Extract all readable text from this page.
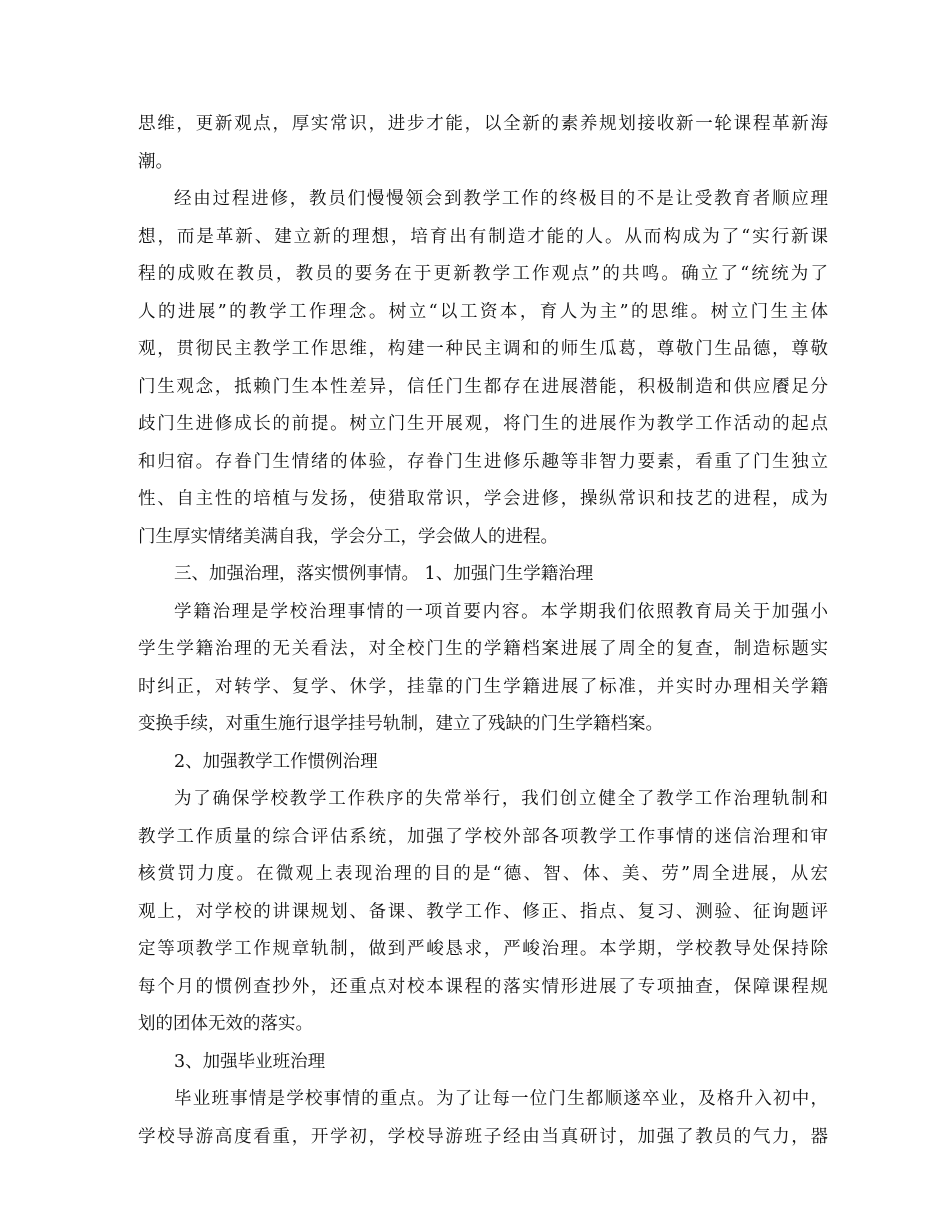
思维，更新观点，厚实常识，进步才能，以全新的素养规划接收新一轮课程革新海
潮。
经由过程进修，教员们慢慢领会到教学工作的终极目的不是让受教育者顺应理
想，而是革新、建立新的理想，培育出有制造才能的人。从而构成为了“实行新课
程的成败在教员，教员的要务在于更新教学工作观点”的共鸣。确立了“统统为了
人的进展”的教学工作理念。树立“以工资本，育人为主”的思维。树立门生主体
观，贯彻民主教学工作思维，构建一种民主调和的师生瓜葛，尊敬门生品德，尊敬
门生观念，抵赖门生本性差异，信任门生都存在进展潜能，积极制造和供应餍足分
歧门生进修成长的前提。树立门生开展观，将门生的进展作为教学工作活动的起点
和归宿。存眷门生情绪的体验，存眷门生进修乐趣等非智力要素，看重了门生独立
性、自主性的培植与发扬，使猎取常识，学会进修，操纵常识和技艺的进程，成为
门生厚实情绪美满自我，学会分工，学会做人的进程。
三、加强治理，落实惯例事情。 1、加强门生学籍治理
学籍治理是学校治理事情的一项首要内容。本学期我们依照教育局关于加强小
学生学籍治理的无关看法，对全校门生的学籍档案进展了周全的复查，制造标题实
时纠正，对转学、复学、休学，挂靠的门生学籍进展了标准，并实时办理相关学籍
变换手续，对重生施行退学挂号轨制，建立了残缺的门生学籍档案。
2、加强教学工作惯例治理
为了确保学校教学工作秩序的失常举行，我们创立健全了教学工作治理轨制和
教学工作质量的综合评估系统，加强了学校外部各项教学工作事情的迷信治理和审
核赏罚力度。在微观上表现治理的目的是“德、智、体、美、劳”周全进展，从宏
观上，对学校的讲课规划、备课、教学工作、修正、指点、复习、测验、征询题评
定等项教学工作规章轨制，做到严峻恳求，严峻治理。本学期，学校教导处保持除
每个月的惯例查抄外，还重点对校本课程的落实情形进展了专项抽查，保障课程规
划的团体无效的落实。
3、加强毕业班治理
毕业班事情是学校事情的重点。为了让每一位门生都顺遂卒业，及格升入初中，
学校导游高度看重，开学初，学校导游班子经由当真研讨，加强了教员的气力，器
